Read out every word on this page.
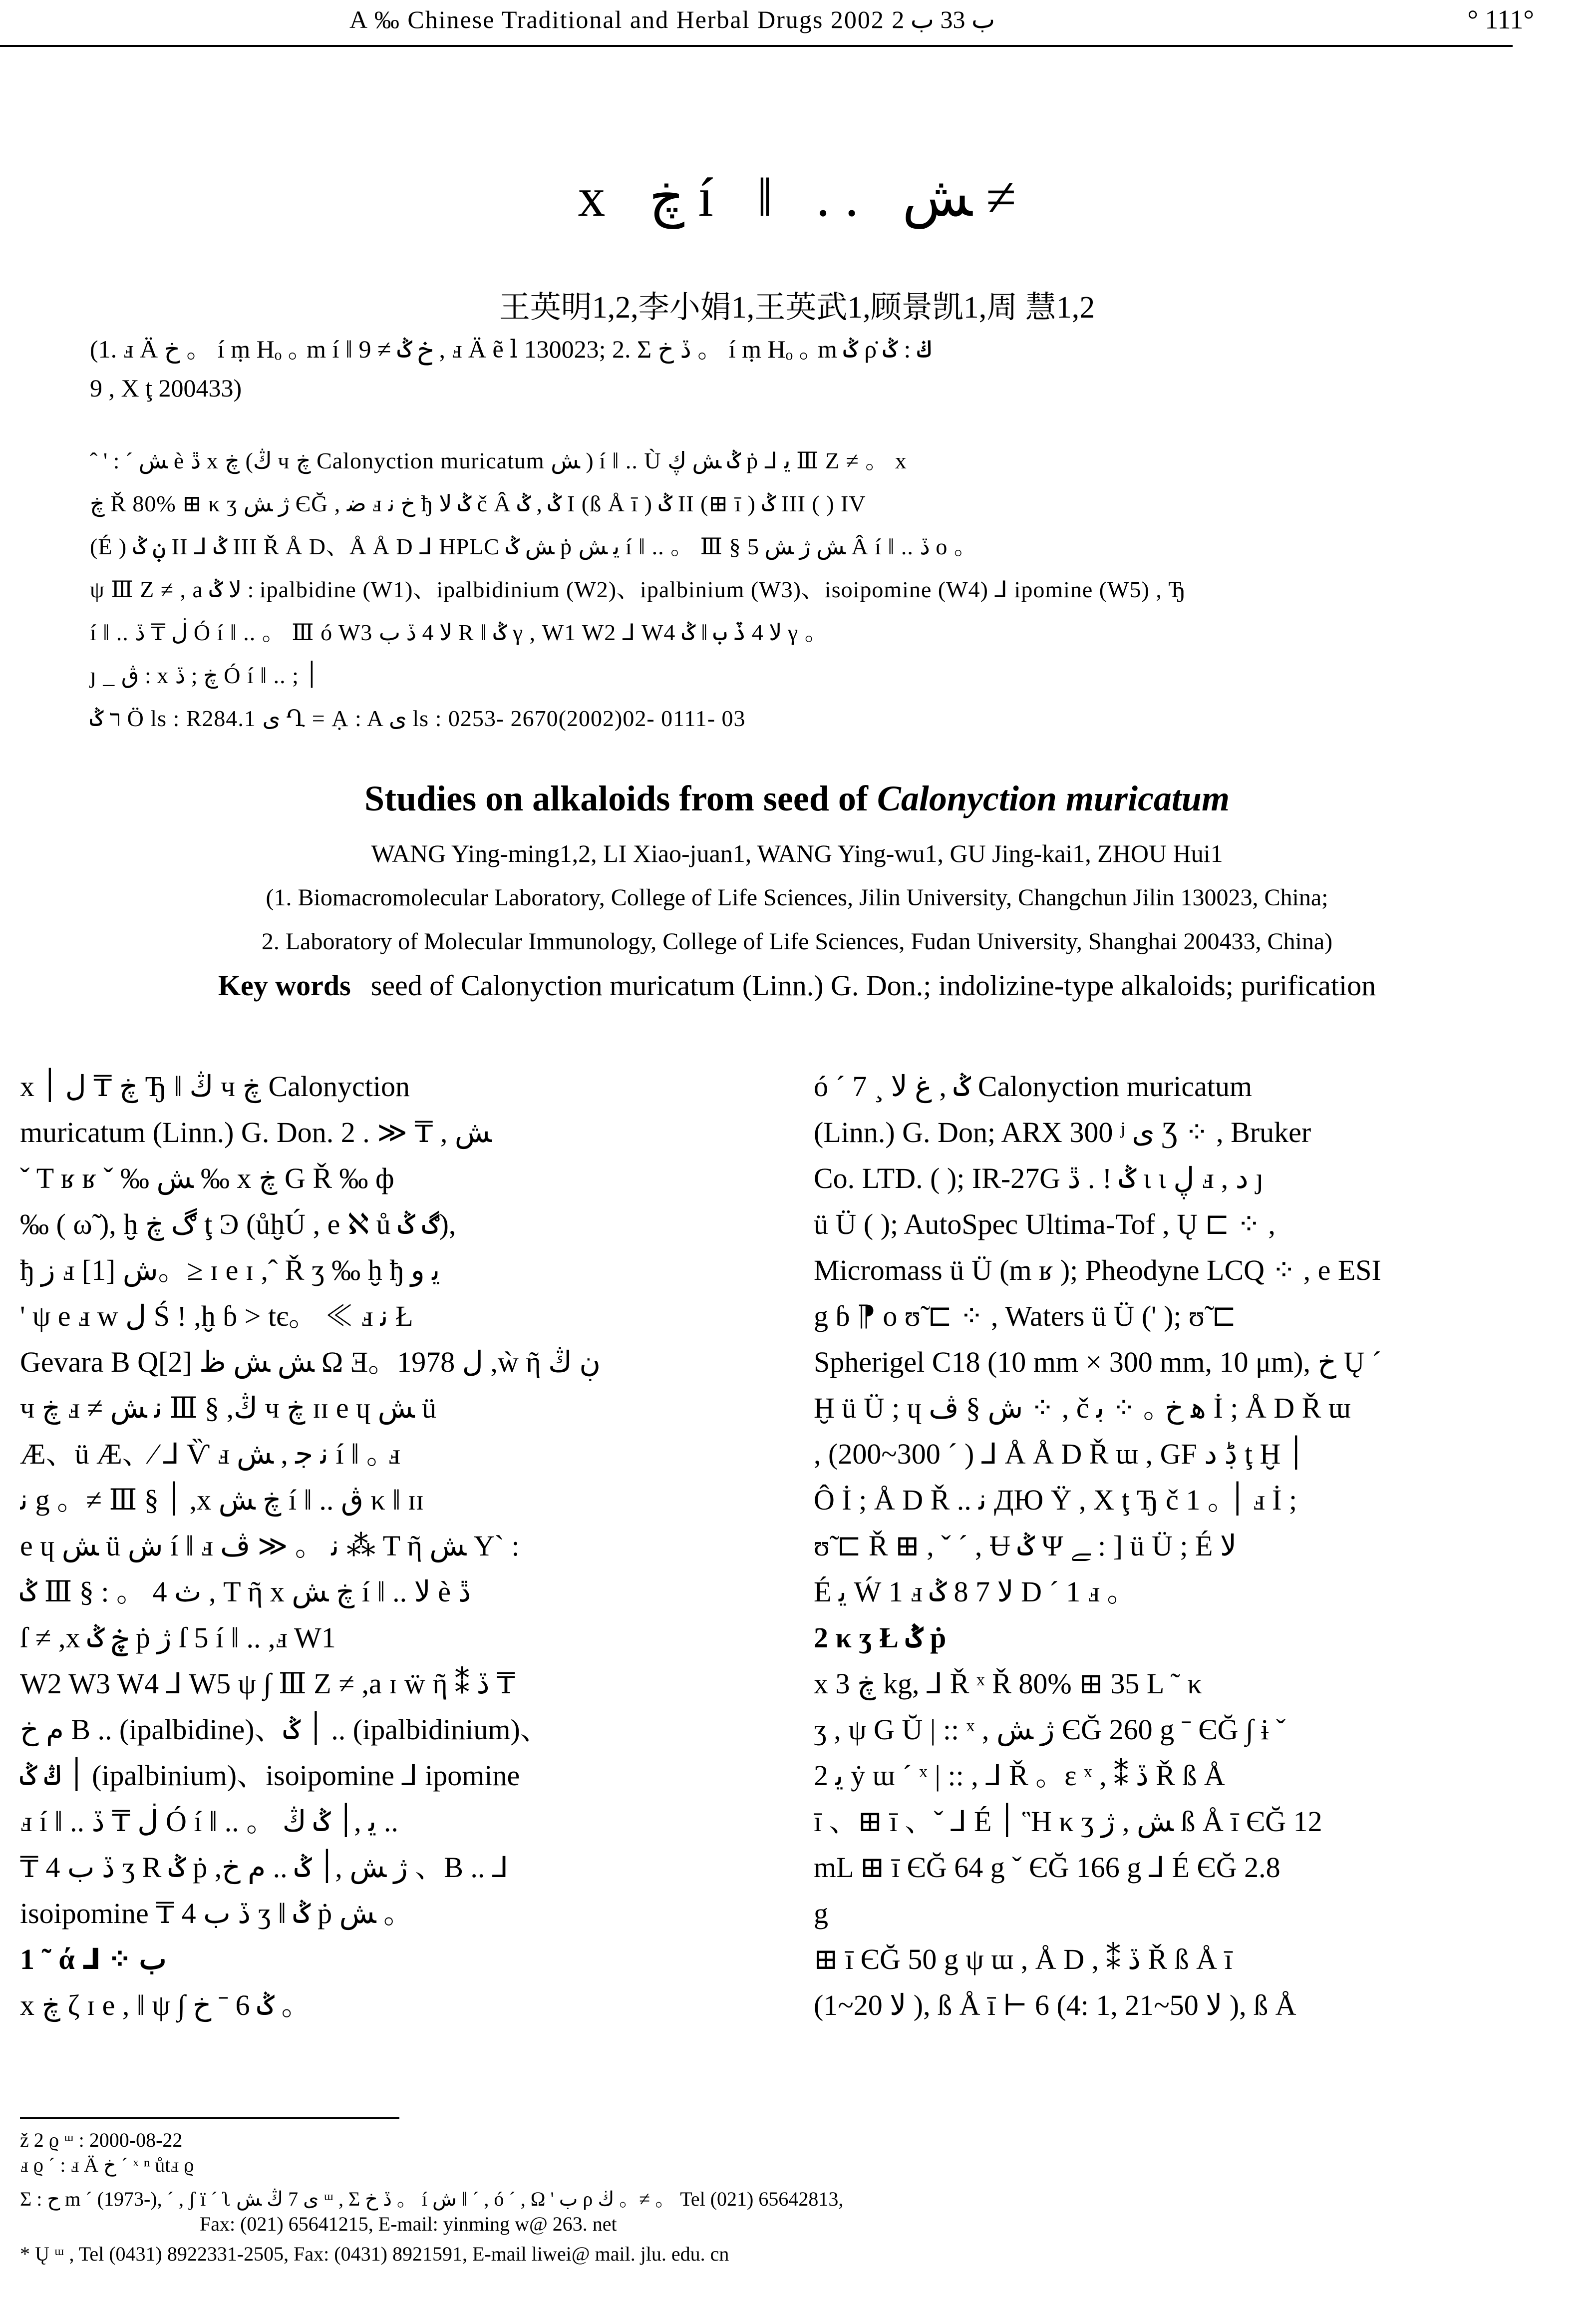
A ‰ Chinese Traditional and Herbal Drugs 2002 ب 33 ب 2	° 111°
x ڿ í ‖ .. ﺶ ≠
王英明1,2,李小娟1,王英武1,顾景凯1,周 慧1,2
(1. ⅎ Ä خ 。 í ṃ Hₒ ｡ m í ‖ خ ݣ ≠ 9 , ⅎ Ä ẽ ⅼ 130023; 2. Σ ڏ خ 。 í ṃ Hₒ ｡ m ݣ ρ̇ ڬ : ݣ
9 , X ţ 200433)
ˆ ' : ˊ ﺶ è ڐ x ڿ (ڭ ч ڿ Calonyction muricatum ﺶ ) í ‖ .. Ù ݣ ﺶ ڮ ṗ ⅃ ﻳ Ⅲ Ζ ≠ 。 x
ڿ Ř 80% ⊞ κ ʒ ژ ﺶ ЄĞ , ﺿ ⅎ خ ﻧ ђ ݣ ﻻ č Â ݣ , ݣ I (ß Å ī ) ݣ II (⊞ ī ) ݣ III ( ) IV
(É ) ڹ ݣ II ⅃ ݣ III Ř Å D、Å Å D ⅃ HPLC ﺶ ݣ ṗ ﻳ ﺶ í ‖ .. 。 Ⅲ § ﺶ ژ ﺶ 5 Â í ‖ .. ڏ o 。
ψ Ⅲ Ζ ≠ , a ﻻ ݣ : ipalbidine (W1)、ipalbidinium (W2)、ipalbinium (W3)、isoipomine (W4) ⅃ ipomine (W5) , Ђ
í ‖ .. ڶ ₸ ڏ Ó í ‖ .. 。 Ⅲ ó W3 ﻻ 4 ڏ ب R ‖ ݣ γ , W1 W2 ⅃ W4 ﻻ 4 ڏ ب ‖ ݣ γ 。
ȷ _ ڨ : x ڿ ; ڏ Ó í ‖ .. ; ׀
ר ݣ Ö ls : R284.1 ﻯ Ղ = Ạ : A ﻯ ls : 0253- 2670(2002)02- 0111- 03
Studies on alkaloids from seed of Calonyction muricatum
WANG Ying-ming1,2, LI Xiao-juan1, WANG Ying-wu1, GU Jing-kai1, ZHOU Hui1
(1. Biomacromolecular Laboratory, College of Life Sciences, Jilin University, Changchun Jilin 130023, China;
2. Laboratory of Molecular Immunology, College of Life Sciences, Fudan University, Shanghai 200433, China)
Key words seed of Calonyction muricatum (Linn.) G. Don.; indolizine-type alkaloids; purification
x ڿ ₸ ﻝ ׀ Ђ ‖ ڭ ч ڿ Calonyction
muricatum (Linn.) G. Don. ﺶ , ₸ ≪ . 2
ˇ T ʁ ʁ ˇ ‰ ﺶ ‰ x ڿ G Ř ‰ ф
‰ ( ω̃ ), ḫ ڰ ڿ ţ Ͽ (ůḫÚ , e ℵ ů ڰ ݣ),
ђ ﺯ ⅎ ﺵ [1]。≥ ɪ e ɪ ,ˆ Ř ʒ ‰ ḫ ђ ﻳ ﻭ
' ψ e ⅎ w ﻝ Ś ! ,ḫ ɓ > tє。 ≪ ⅎ ﻧ Ł
Gevara B Q[2] ﺶ ﺶ ظ Ω Ǝ。1978 ﻝ ,ẁ ῆ ڹ ڭ
ч ڿ ⅎ ≠ ﻧ ﺶ Ⅲ § ,ڭ ч ڿ ɪɪ e ɥ ﺶ ü
Æ、ü Æ、⁄ ⅃ Ѷ ⅎ ﻧ ﺟ , ﺶ í ‖ ｡ ⅎ
ﻧ g 。≠ Ⅲ § ׀ ,x ڿ ﺶ í ‖ .. ڨ κ ‖ ɪɪ
e ɥ ﺶ ü ش í ‖ ⅎ ﻧ 。 ≪ ڤ ⁂ T ῆ ﺶ Y` :
ݣ Ⅲ § : 。 4 ث , T ῆ x ڿ ﺶ í ‖ .. ﻻ è ڐ
ſ ≠ ,x ڿ ݣ ṗ ژ ſ 5 í ‖ .. ,ⅎ W1
W2 W3 W4 ⅃ W5 ψ ∫ Ⅲ Ζ ≠ ,a ɪ ẅ ῆ ⁑ ڏ ₸
ﻡ ﺥ B .. (ipalbidine)、׀ ݣ .. (ipalbidinium)、
׀ ڭ ݣ (ipalbinium)、isoipomine ⅃ ipomine
ⅎ í ‖ .. ڶ ₸ ڏ Ó í ‖ .. 。 ﻳ ,׀ ݣ ڭ ..
₸ 4 ڏ ب ʒ R ݣ ṗ ,ژ ﺶ ,׀ ݣ .. ﻡ ﺥ 、B .. ⅃
isoipomine ₸ 4 ڏ ب ʒ ‖ ݣ ṗ ﺶ 。
1 ˜ ά ⅃ ⁘ ب
x ڿ ζ ɪ e , ‖ ψ ∫ ݣ 6 ˉ خ ｡
ó ´ 7 ¸ ݣ , ﻍ ﻻ Calonyction muricatum
(Linn.) G. Don; ARX 300 ʲ ﻯ Ʒ ⁘ , Bruker
Co. LTD. ( ); IR-27G ڐ . ǃ ݣ ɩ ɩ ڸ ⅎ , ﺩ ȷ
ü Ü ( ); AutoSpec Ultima-Tof , Ų ⊏ ⁘ ,
Micromass ü Ü (m ʁ ); Pheodyne LCQ ⁘ , e ESI
g ɓ ⁋ o ʊ̃ ⊏ ⁘ , Waters ü Ü (' ); ʊ̃ ⊏
Spherigel C18 (10 mm × 300 mm, 10 μm), خ Ų ´
Ḫ ü Ü ; ɥ ش § ڤ ⁘ , č ﻫ خ ｡ ⁘ ﺑ İ ; Å D Ř ɯ
, (200~300 ˊ ) ⅃ Å Å D Ř ɯ , GF ڋ ﺩ ţ Ḫ ׀
Ô İ ; Å D Ř .. ﻧ ДЮ Ÿ , X ţ Ђ č ׀ ｡ 1 ⅎ İ ;
ʊ̃ ⊏ Ř ⊞ , ˇ ˊ , Ʉ ݣ Ψ ﮯ : ] ü Ü ; É ﻻ
É ﻳ Ẃ 1 ⅎ ﻻ 7 8 ݣ D ˊ 1 ⅎ 。
2 κ ʒ Ł ݣ ṗ
x ڿ 3 kg, ⅃ Ř ˣ Ř 80% ⊞ 35 L ˜ κ
ʒ , ψ G Ŭ | :: ˣ , ژ ﺶ ЄĞ 260 g ˉ ЄĞ ∫ ɨ ˇ
ﻳ 2 ẏ ɯ ˊ ˣ | :: , ⅃ Ř 。ɛ ˣ , ⁑ ڏ Ř ß Å
ī 、⊞ ī 、ˇ ⅃ É ׀ Ἣ κ ʒ ﺶ , ژ ß Å ī ЄĞ 12
mL ⊞ ī ЄĞ 64 g ˇ ЄĞ 166 g ⅃ É ЄĞ 2.8
g
⊞ ī ЄĞ 50 g ψ ɯ , Å D , ⁑ ڏ Ř ß Å ī
(1~20 ﻻ ), ß Å ī ⊢ 6 (4: 1, 21~50 ﻻ ), ß Å
ž 2 ϱ ᵚ : 2000-08-22
ⅎ ϱ ˊ : ⅎ Ä خ ˊ ˣ ⁿ ůtⅎ ϱ
Σ : ﺡ m ˊ (1973-), ˊ , ʃ ï ˊ ʅ ﻯ 7 ڭ ﺶ ᵚ , Σ ڏ خ 。 í ش ‖ ˊ , ó ˊ , Ω ' ب ρ ڬ 。≠ 。 Tel (021) 65642813,
Fax: (021) 65641215, E-mail: yinming w@ 263. net
* Ų ᵚ , Tel (0431) 8922331-2505, Fax: (0431) 8921591, E-mail liwei@ mail. jlu. edu. cn
